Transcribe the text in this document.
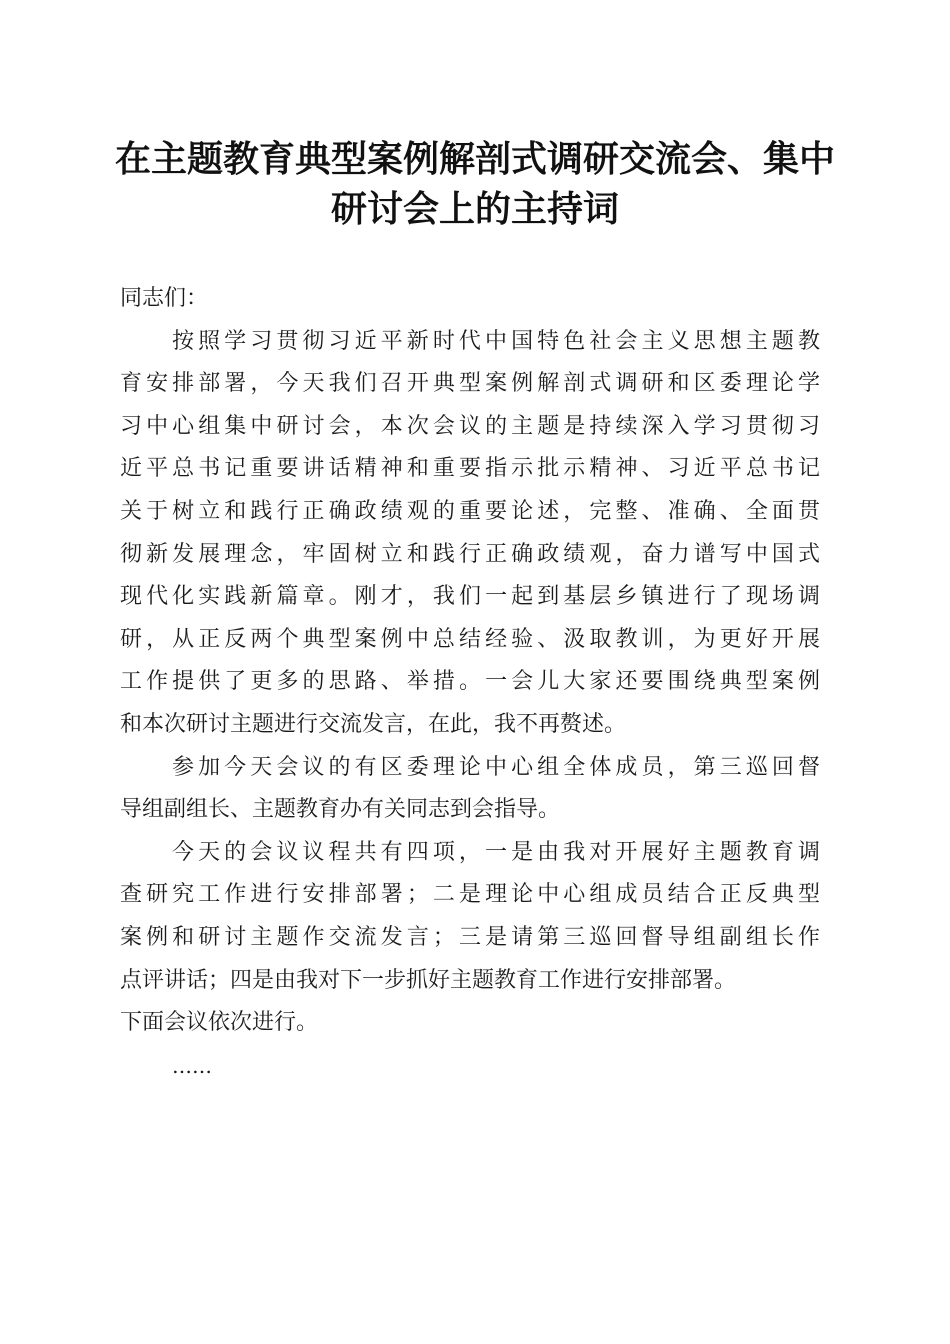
在主题教育典型案例解剖式调研交流会、集中
研讨会上的主持词
同志们：
按照学习贯彻习近平新时代中国特色社会主义思想主题教
育安排部署，今天我们召开典型案例解剖式调研和区委理论学
习中心组集中研讨会，本次会议的主题是持续深入学习贯彻习
近平总书记重要讲话精神和重要指示批示精神、习近平总书记
关于树立和践行正确政绩观的重要论述，完整、准确、全面贯
彻新发展理念，牢固树立和践行正确政绩观，奋力谱写中国式
现代化实践新篇章。刚才，我们一起到基层乡镇进行了现场调
研，从正反两个典型案例中总结经验、汲取教训，为更好开展
工作提供了更多的思路、举措。一会儿大家还要围绕典型案例
和本次研讨主题进行交流发言，在此，我不再赘述。
参加今天会议的有区委理论中心组全体成员，第三巡回督
导组副组长、主题教育办有关同志到会指导。
今天的会议议程共有四项，一是由我对开展好主题教育调
查研究工作进行安排部署；二是理论中心组成员结合正反典型
案例和研讨主题作交流发言；三是请第三巡回督导组副组长作
点评讲话；四是由我对下一步抓好主题教育工作进行安排部署。
下面会议依次进行。
……
